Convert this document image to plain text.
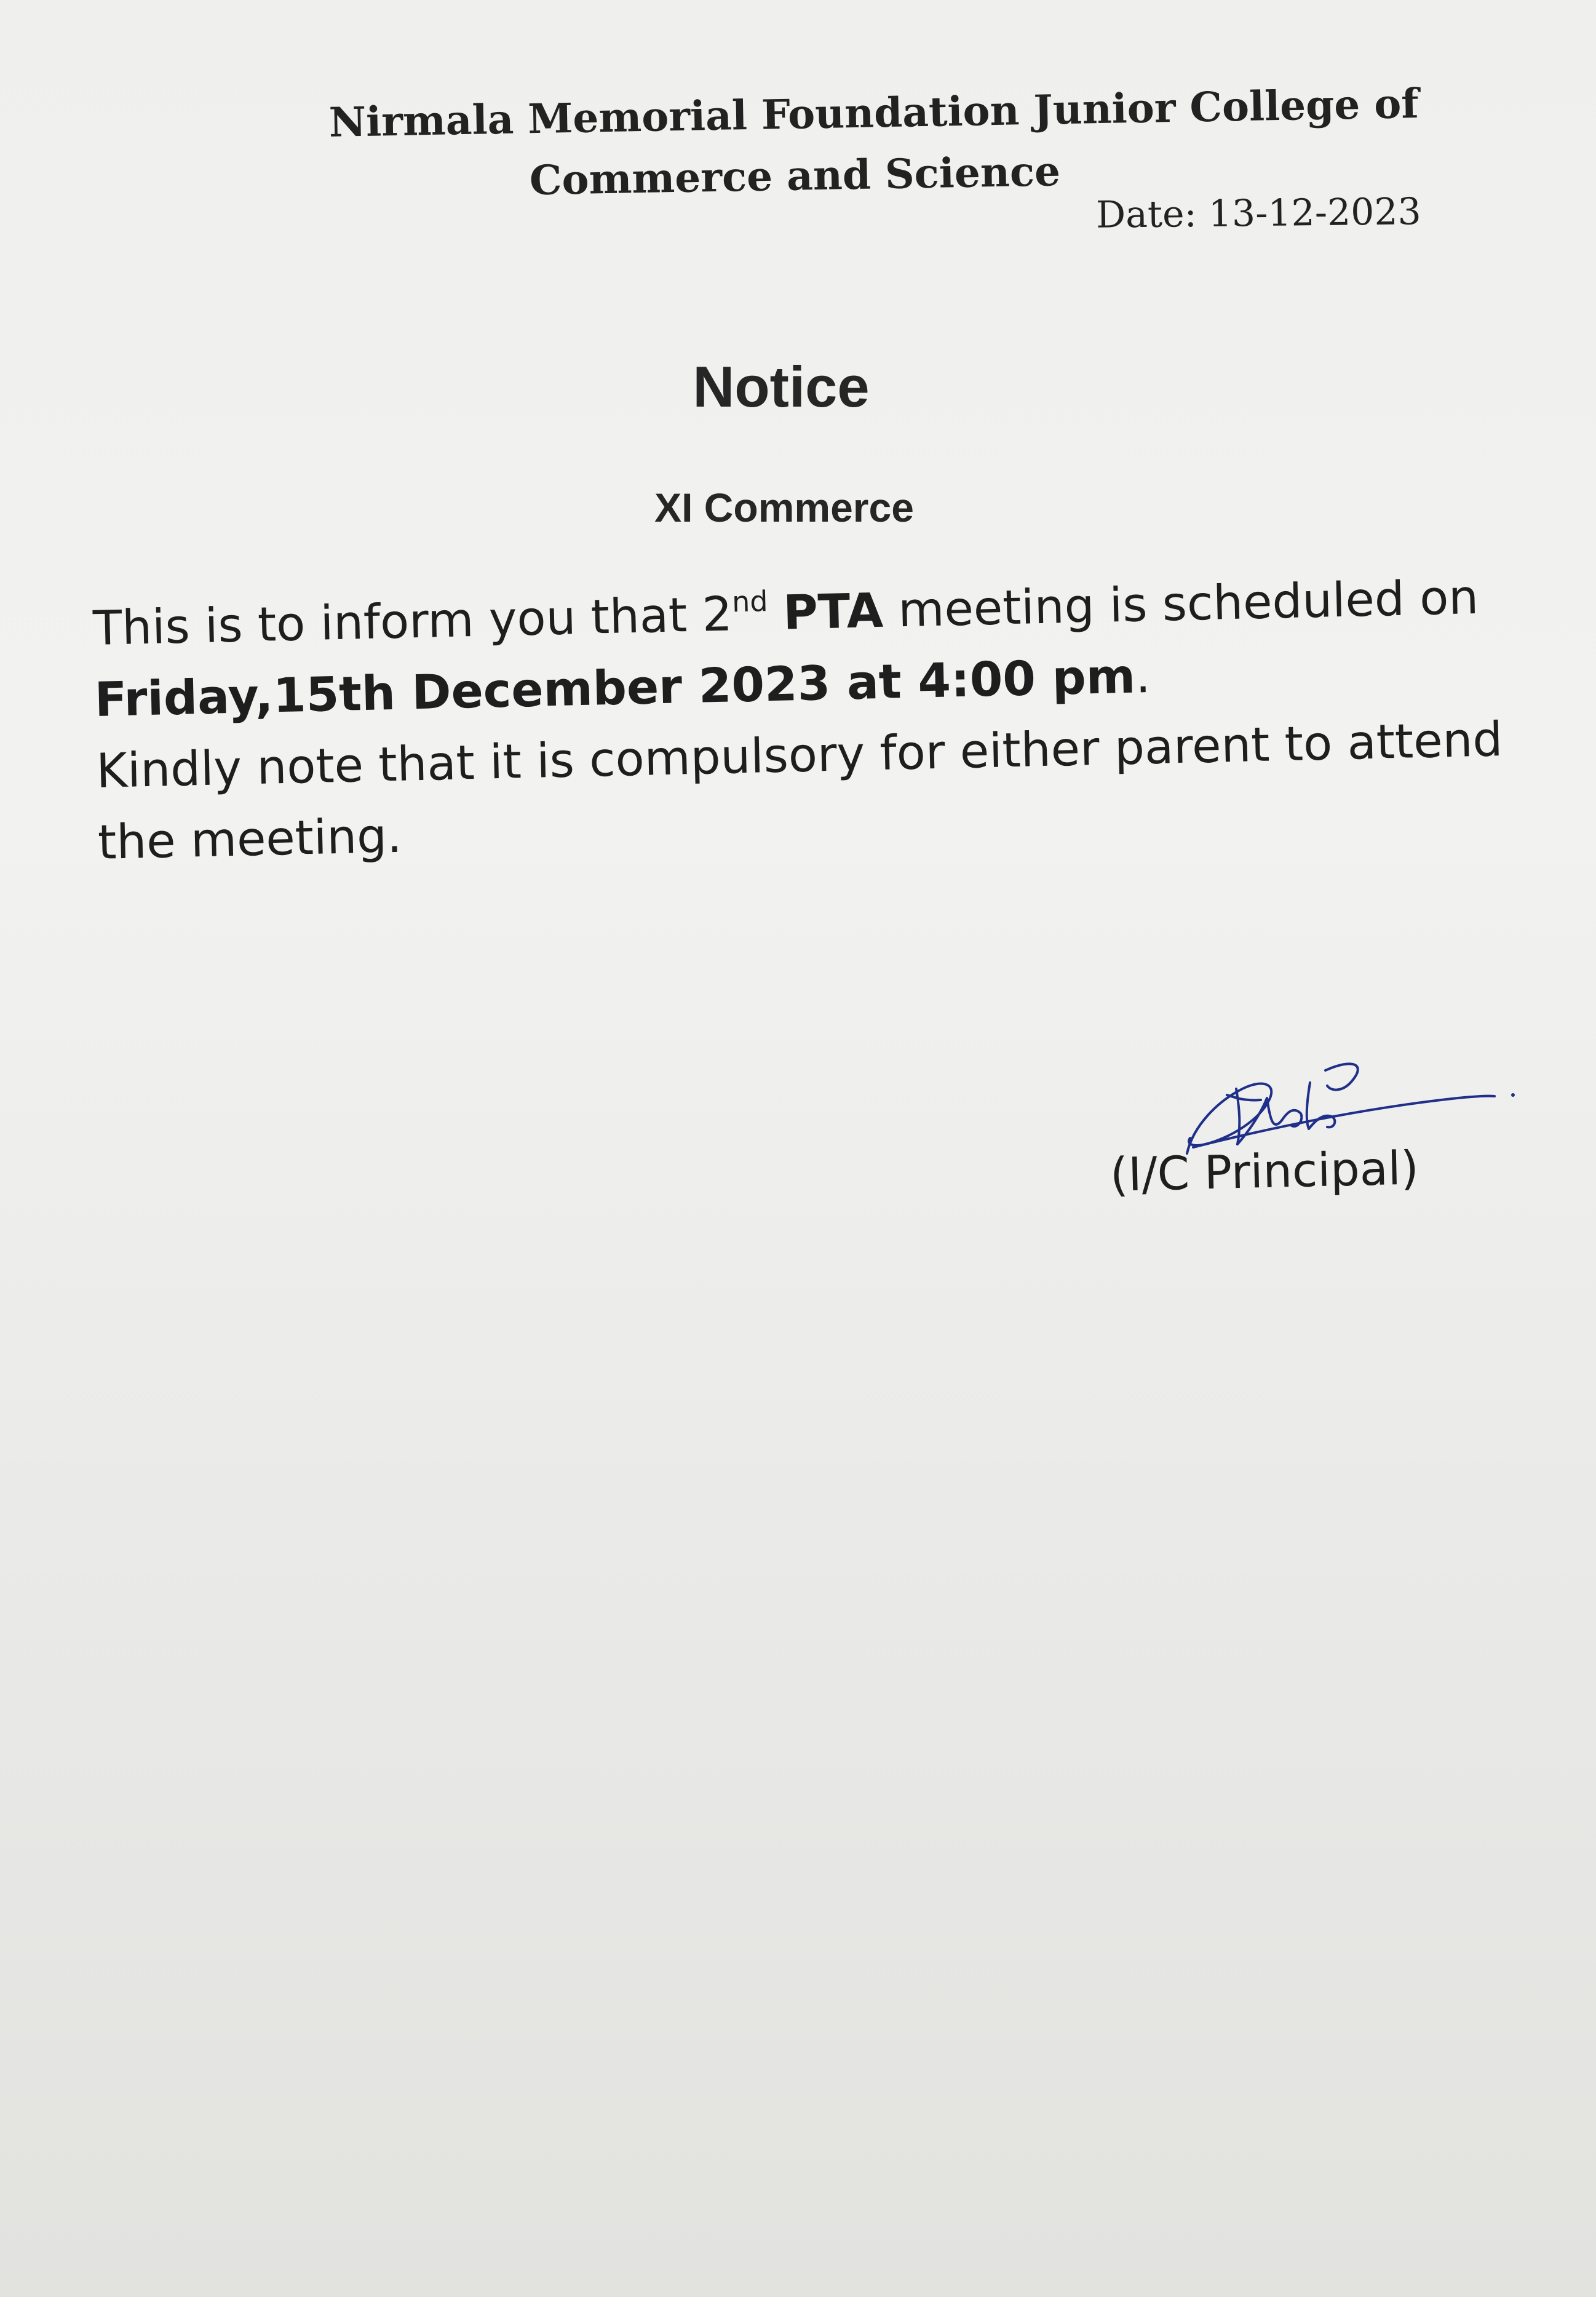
Nirmala Memorial Foundation Junior College of
Commerce and Science
Date: 13-12-2023
Notice
XI Commerce

This is to inform you that 2nd PTA meeting is scheduled on Friday,15th December 2023 at 4:00 pm.

Kindly note that it is compulsory for either parent to attend the meeting.

(I/C Principal)
